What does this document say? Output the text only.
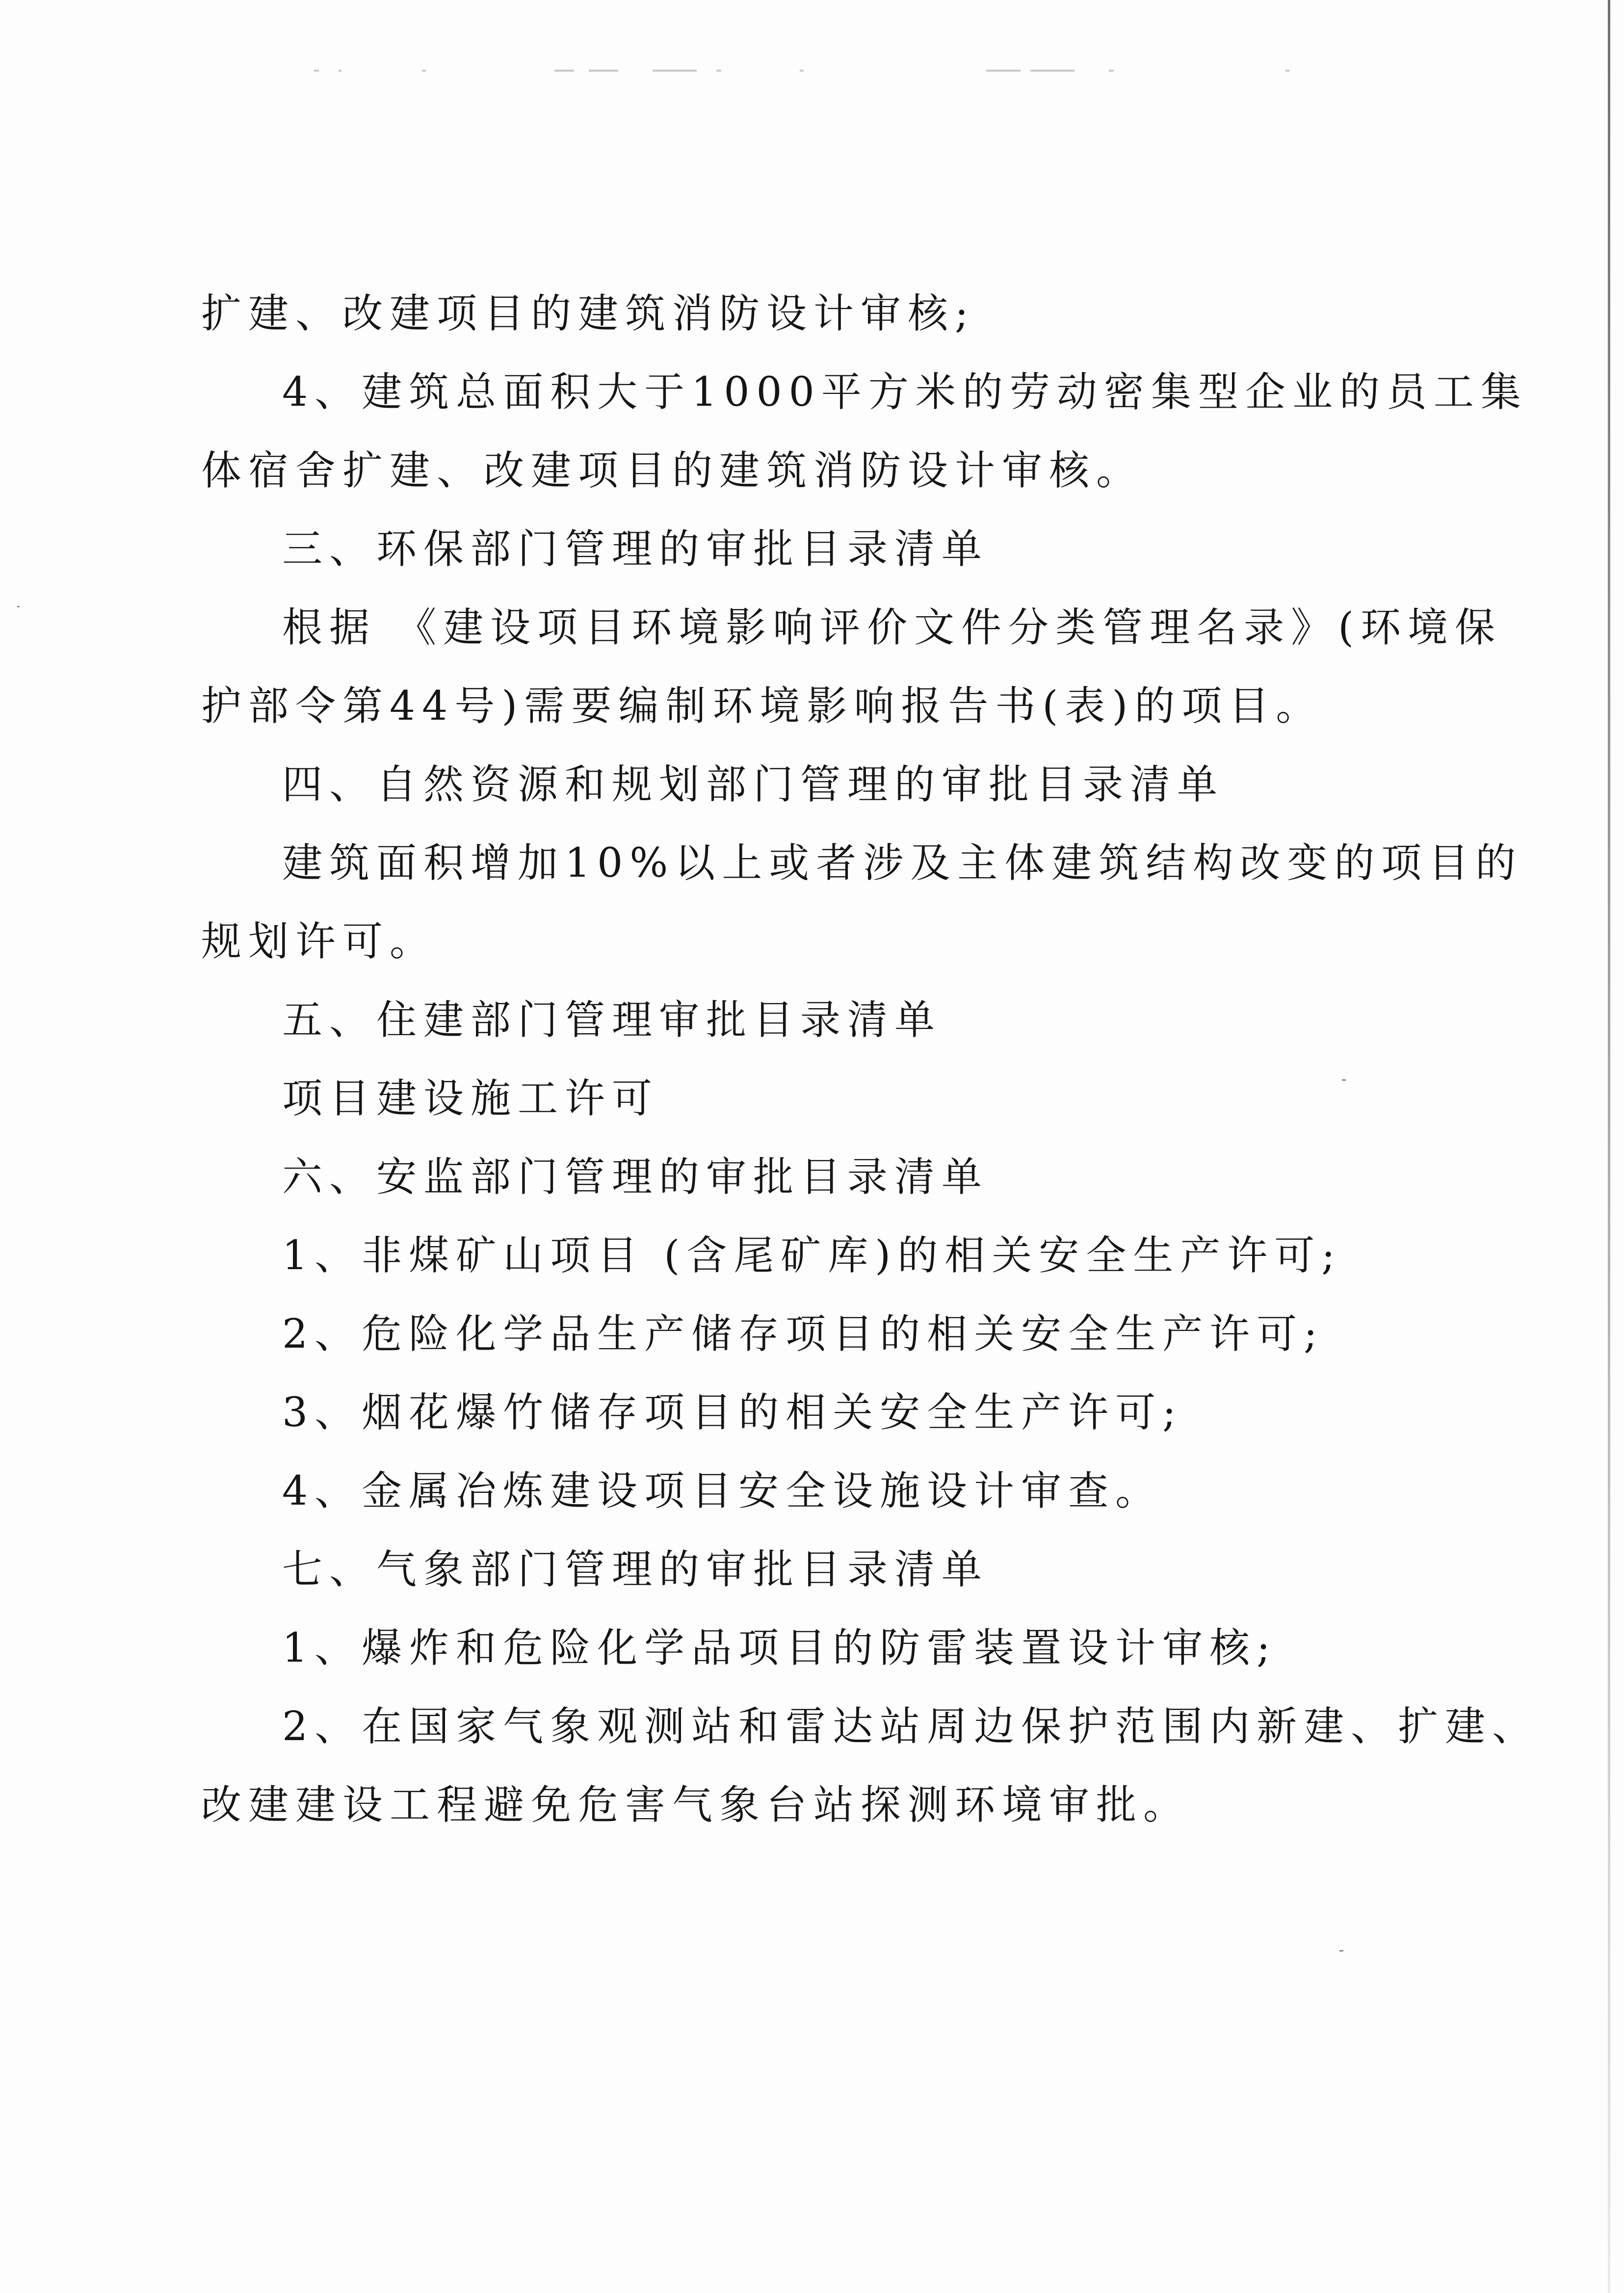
扩建、改建项目的建筑消防设计审核;
4、建筑总面积大于1000平方米的劳动密集型企业的员工集
体宿舍扩建、改建项目的建筑消防设计审核。
三、环保部门管理的审批目录清单
根据 《建设项目环境影响评价文件分类管理名录》(环境保
护部令第44号)需要编制环境影响报告书(表)的项目。
四、自然资源和规划部门管理的审批目录清单
建筑面积增加10%以上或者涉及主体建筑结构改变的项目的
规划许可。
五、住建部门管理审批目录清单
项目建设施工许可
六、安监部门管理的审批目录清单
1、非煤矿山项目 (含尾矿库)的相关安全生产许可;
2、危险化学品生产储存项目的相关安全生产许可;
3、烟花爆竹储存项目的相关安全生产许可;
4、金属冶炼建设项目安全设施设计审查。
七、气象部门管理的审批目录清单
1、爆炸和危险化学品项目的防雷装置设计审核;
2、在国家气象观测站和雷达站周边保护范围内新建、扩建、
改建建设工程避免危害气象台站探测环境审批。
